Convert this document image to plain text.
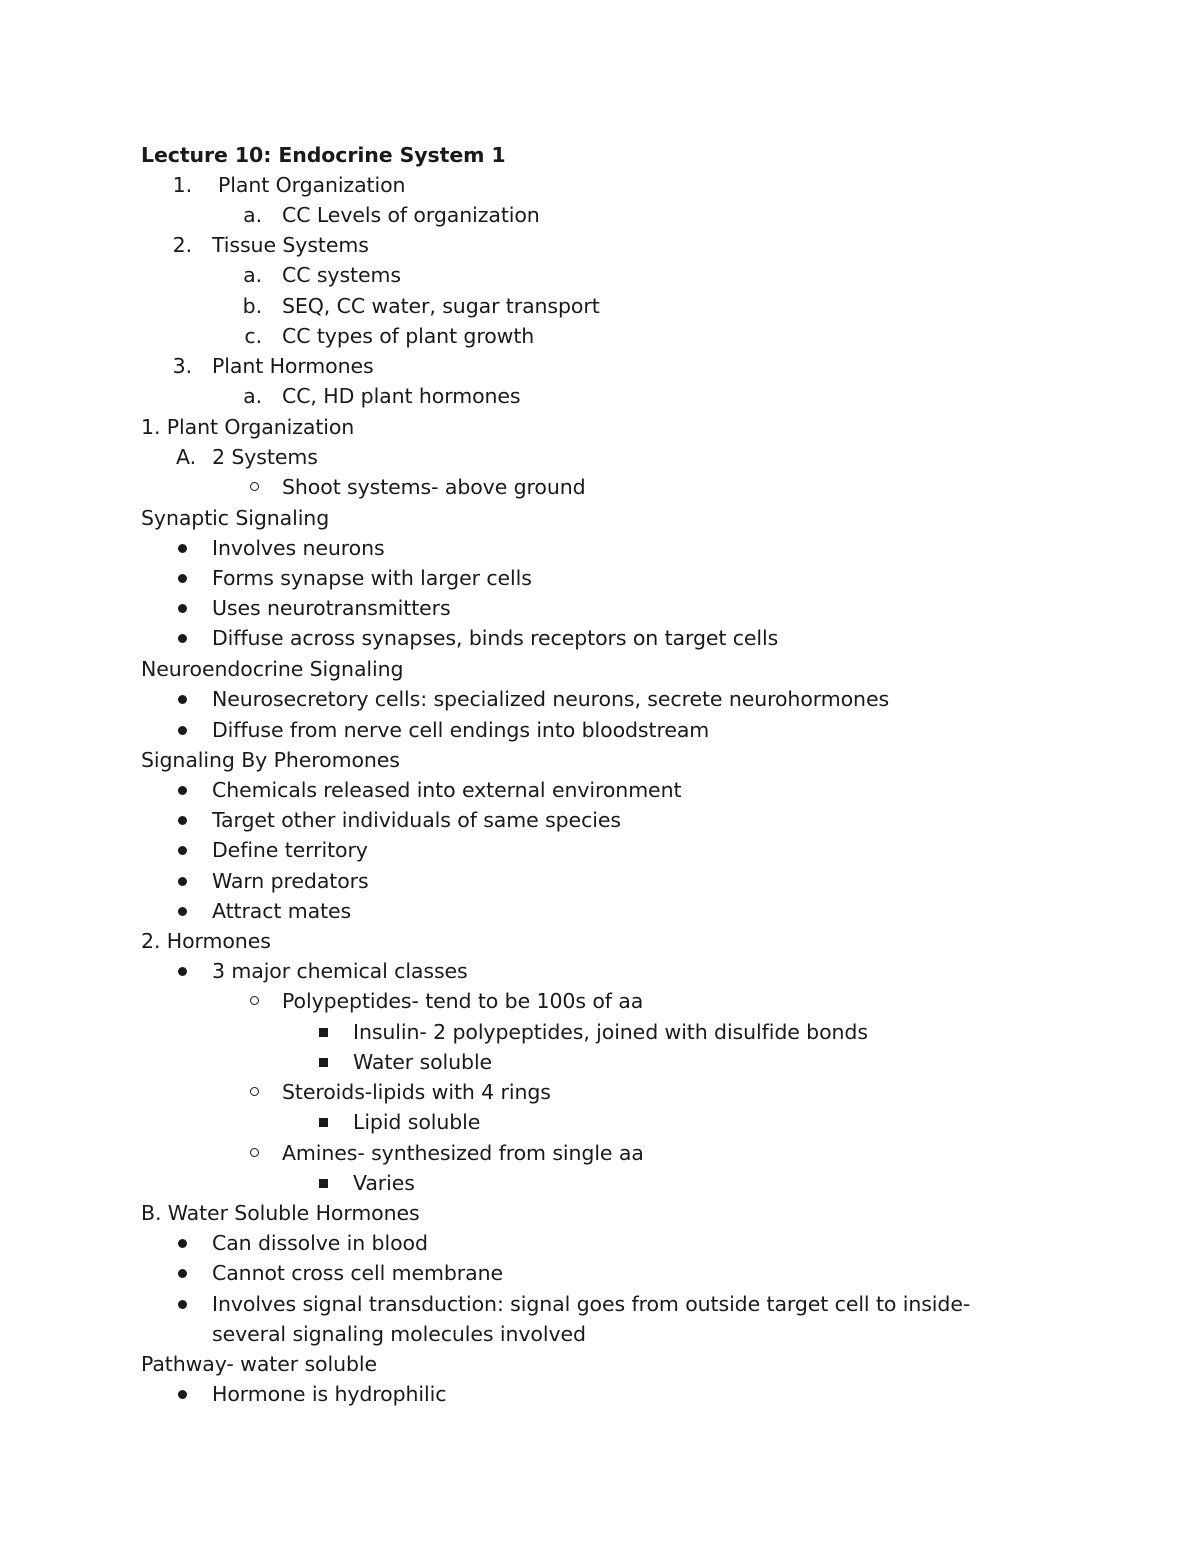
Lecture 10: Endocrine System 1
1. Plant Organization
a. CC Levels of organization
2. Tissue Systems
a. CC systems
b. SEQ, CC water, sugar transport
c. CC types of plant growth
3. Plant Hormones
a. CC, HD plant hormones
1. Plant Organization
A. 2 Systems
Shoot systems- above ground
Synaptic Signaling
Involves neurons
Forms synapse with larger cells
Uses neurotransmitters
Diffuse across synapses, binds receptors on target cells
Neuroendocrine Signaling
Neurosecretory cells: specialized neurons, secrete neurohormones
Diffuse from nerve cell endings into bloodstream
Signaling By Pheromones
Chemicals released into external environment
Target other individuals of same species
Define territory
Warn predators
Attract mates
2. Hormones
3 major chemical classes
Polypeptides- tend to be 100s of aa
Insulin- 2 polypeptides, joined with disulfide bonds
Water soluble
Steroids-lipids with 4 rings
Lipid soluble
Amines- synthesized from single aa
Varies
B. Water Soluble Hormones
Can dissolve in blood
Cannot cross cell membrane
Involves signal transduction: signal goes from outside target cell to inside-
several signaling molecules involved
Pathway- water soluble
Hormone is hydrophilic
